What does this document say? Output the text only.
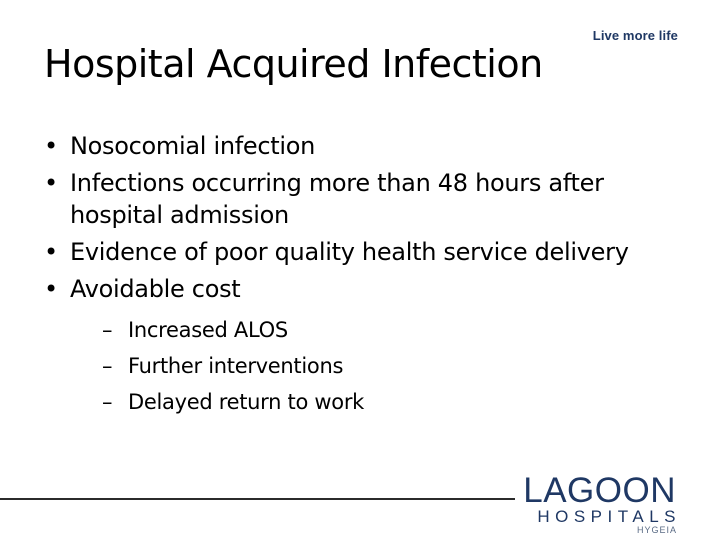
Live more life
Hospital Acquired Infection
• Nosocomial infection
• Infections occurring more than 48 hours after hospital admission
• Evidence of poor quality health service delivery
• Avoidable cost
– Increased ALOS
– Further interventions
– Delayed return to work
LAGOON
HOSPITALS
HYGEIA
